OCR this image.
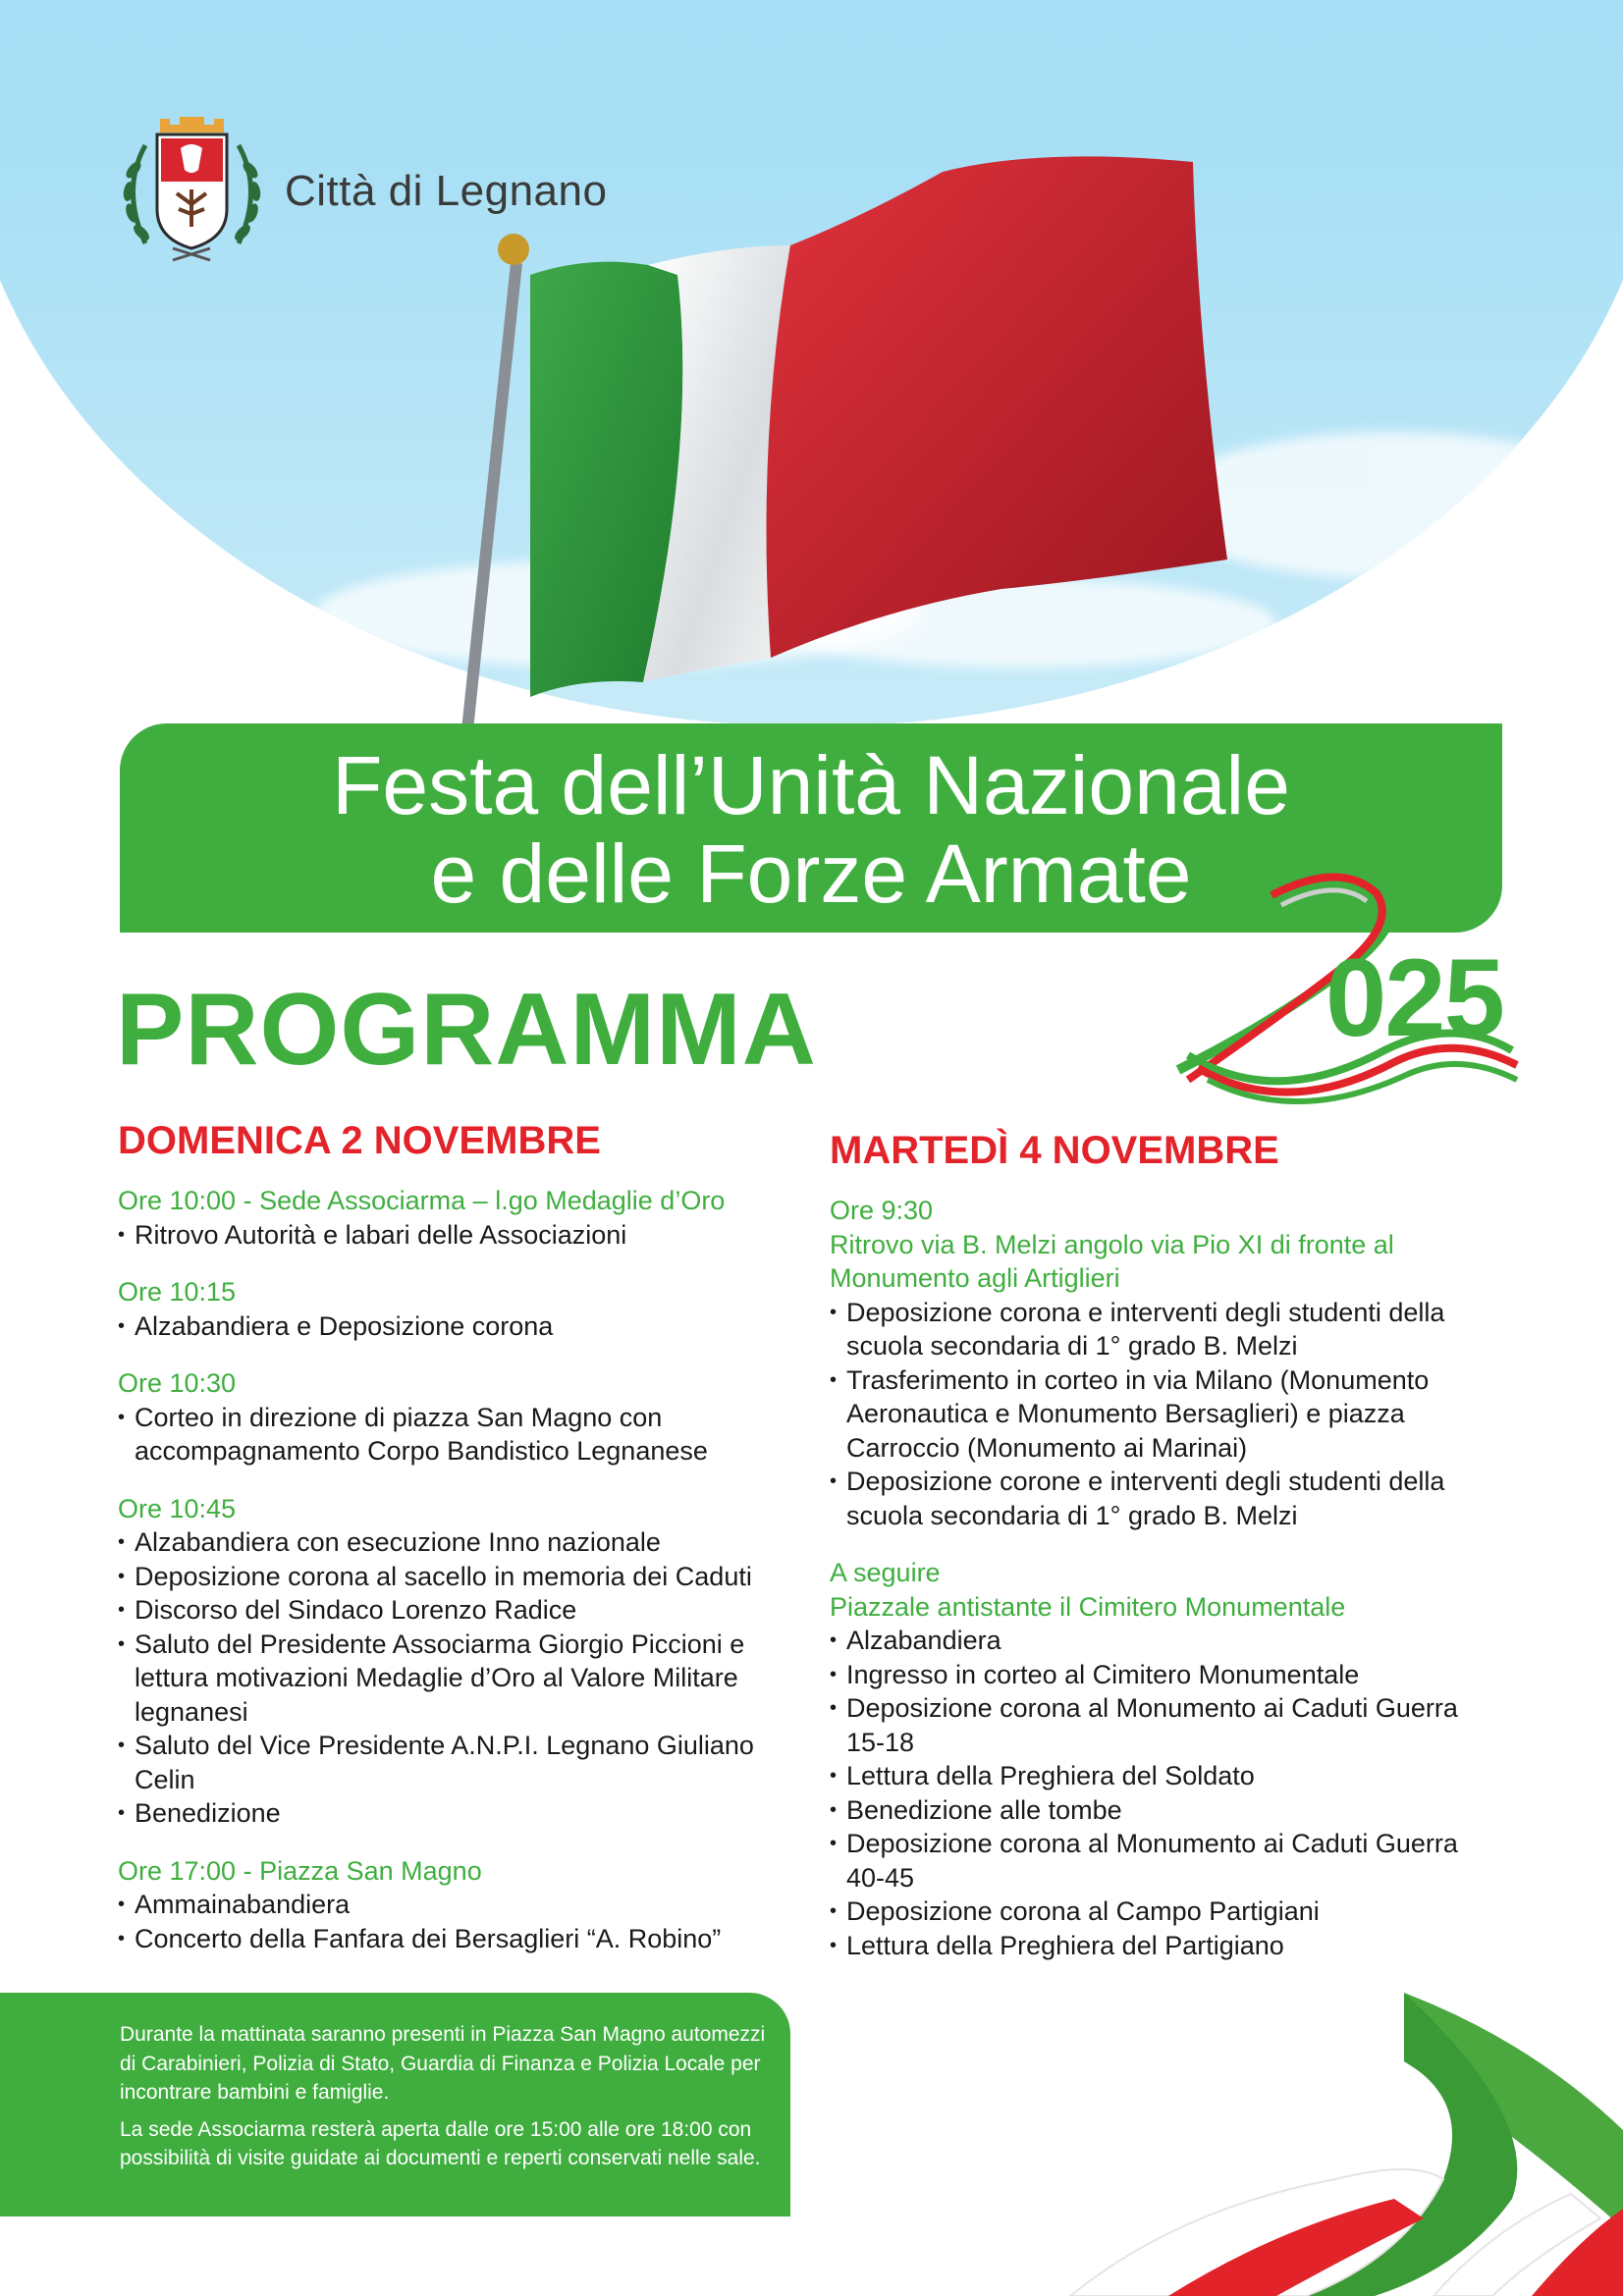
Città di Legnano
Festa dell’Unità Nazionale
e delle Forze Armate
025
PROGRAMMA
DOMENICA 2 NOVEMBRE
Ore 10:00 - Sede Associarma – l.go Medaglie d’Oro
• Ritrovo Autorità e labari delle Associazioni
Ore 10:15
• Alzabandiera e Deposizione corona
Ore 10:30
• Corteo in direzione di piazza San Magno con accompagnamento Corpo Bandistico Legnanese
Ore 10:45
• Alzabandiera con esecuzione Inno nazionale
• Deposizione corona al sacello in memoria dei Caduti
• Discorso del Sindaco Lorenzo Radice
• Saluto del Presidente Associarma Giorgio Piccioni e lettura motivazioni Medaglie d’Oro al Valore Militare legnanesi
• Saluto del Vice Presidente A.N.P.I. Legnano Giuliano Celin
• Benedizione
Ore 17:00 - Piazza San Magno
• Ammainabandiera
• Concerto della Fanfara dei Bersaglieri “A. Robino”
MARTEDÌ 4 NOVEMBRE
Ore 9:30
Ritrovo via B. Melzi angolo via Pio XI di fronte al Monumento agli Artiglieri
• Deposizione corona e interventi degli studenti della scuola secondaria di 1° grado B. Melzi
• Trasferimento in corteo in via Milano (Monumento Aeronautica e Monumento Bersaglieri) e piazza Carroccio (Monumento ai Marinai)
• Deposizione corone e interventi degli studenti della scuola secondaria di 1° grado B. Melzi
A seguire
Piazzale antistante il Cimitero Monumentale
• Alzabandiera
• Ingresso in corteo al Cimitero Monumentale
• Deposizione corona al Monumento ai Caduti Guerra 15-18
• Lettura della Preghiera del Soldato
• Benedizione alle tombe
• Deposizione corona al Monumento ai Caduti Guerra 40-45
• Deposizione corona al Campo Partigiani
• Lettura della Preghiera del Partigiano

Durante la mattinata saranno presenti in Piazza San Magno automezzi di Carabinieri, Polizia di Stato, Guardia di Finanza e Polizia Locale per incontrare bambini e famiglie.

La sede Associarma resterà aperta dalle ore 15:00 alle ore 18:00 con possibilità di visite guidate ai documenti e reperti conservati nelle sale.
